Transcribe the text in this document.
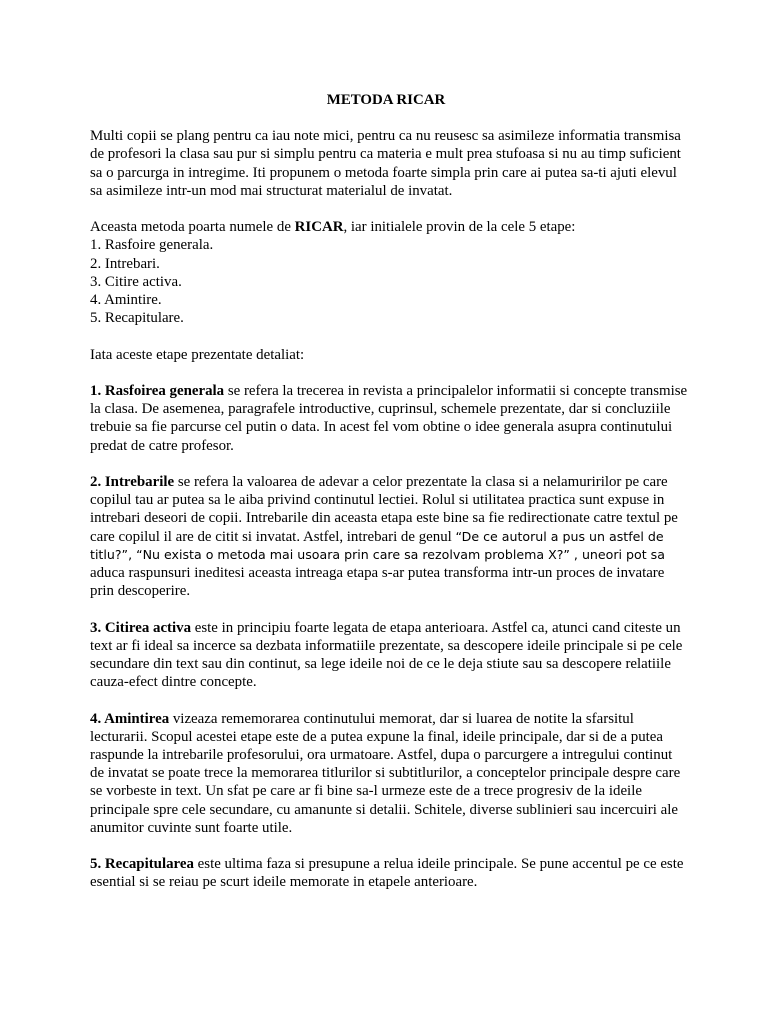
METODA RICAR

Multi copii se plang pentru ca iau note mici, pentru ca nu reusesc sa asimileze informatia transmisa de profesori la clasa sau pur si simplu pentru ca materia e mult prea stufoasa si nu au timp suficient sa o parcurga in intregime. Iti propunem o metoda foarte simpla prin care ai putea sa-ti ajuti elevul sa asimileze intr-un mod mai structurat materialul de invatat.

Aceasta metoda poarta numele de RICAR, iar initialele provin de la cele 5 etape:

1. Rasfoire generala.

2. Intrebari.

3. Citire activa.

4. Amintire.

5. Recapitulare.

Iata aceste etape prezentate detaliat:

1. Rasfoirea generala se refera la trecerea in revista a principalelor informatii si concepte transmise la clasa. De asemenea, paragrafele introductive, cuprinsul, schemele prezentate, dar si concluziile trebuie sa fie parcurse cel putin o data. In acest fel vom obtine o idee generala asupra continutului predat de catre profesor.

2. Intrebarile se refera la valoarea de adevar a celor prezentate la clasa si a nelamuririlor pe care copilul tau ar putea sa le aiba privind continutul lectiei. Rolul si utilitatea practica sunt expuse in intrebari deseori de copii. Intrebarile din aceasta etapa este bine sa fie redirectionate catre textul pe care copilul il are de citit si invatat. Astfel, intrebari de genul “De ce autorul a pus un astfel de titlu?”, “Nu exista o metoda mai usoara prin care sa rezolvam problema X?” , uneori pot sa aduca raspunsuri ineditesi aceasta intreaga etapa s-ar putea transforma intr-un proces de invatare prin descoperire.

3. Citirea activa este in principiu foarte legata de etapa anterioara. Astfel ca, atunci cand citeste un text ar fi ideal sa incerce sa dezbata informatiile prezentate, sa descopere ideile principale si pe cele secundare din text sau din continut, sa lege ideile noi de ce le deja stiute sau sa descopere relatiile cauza-efect dintre concepte.

4. Amintirea vizeaza rememorarea continutului memorat, dar si luarea de notite la sfarsitul lecturarii. Scopul acestei etape este de a putea expune la final, ideile principale, dar si de a putea raspunde la intrebarile profesorului, ora urmatoare. Astfel, dupa o parcurgere a intregului continut de invatat se poate trece la memorarea titlurilor si subtitlurilor, a conceptelor principale despre care se vorbeste in text. Un sfat pe care ar fi bine sa-l urmeze este de a trece progresiv de la ideile principale spre cele secundare, cu amanunte si detalii. Schitele, diverse sublinieri sau incercuiri ale anumitor cuvinte sunt foarte utile.

5. Recapitularea este ultima faza si presupune a relua ideile principale. Se pune accentul pe ce este esential si se reiau pe scurt ideile memorate in etapele anterioare.
